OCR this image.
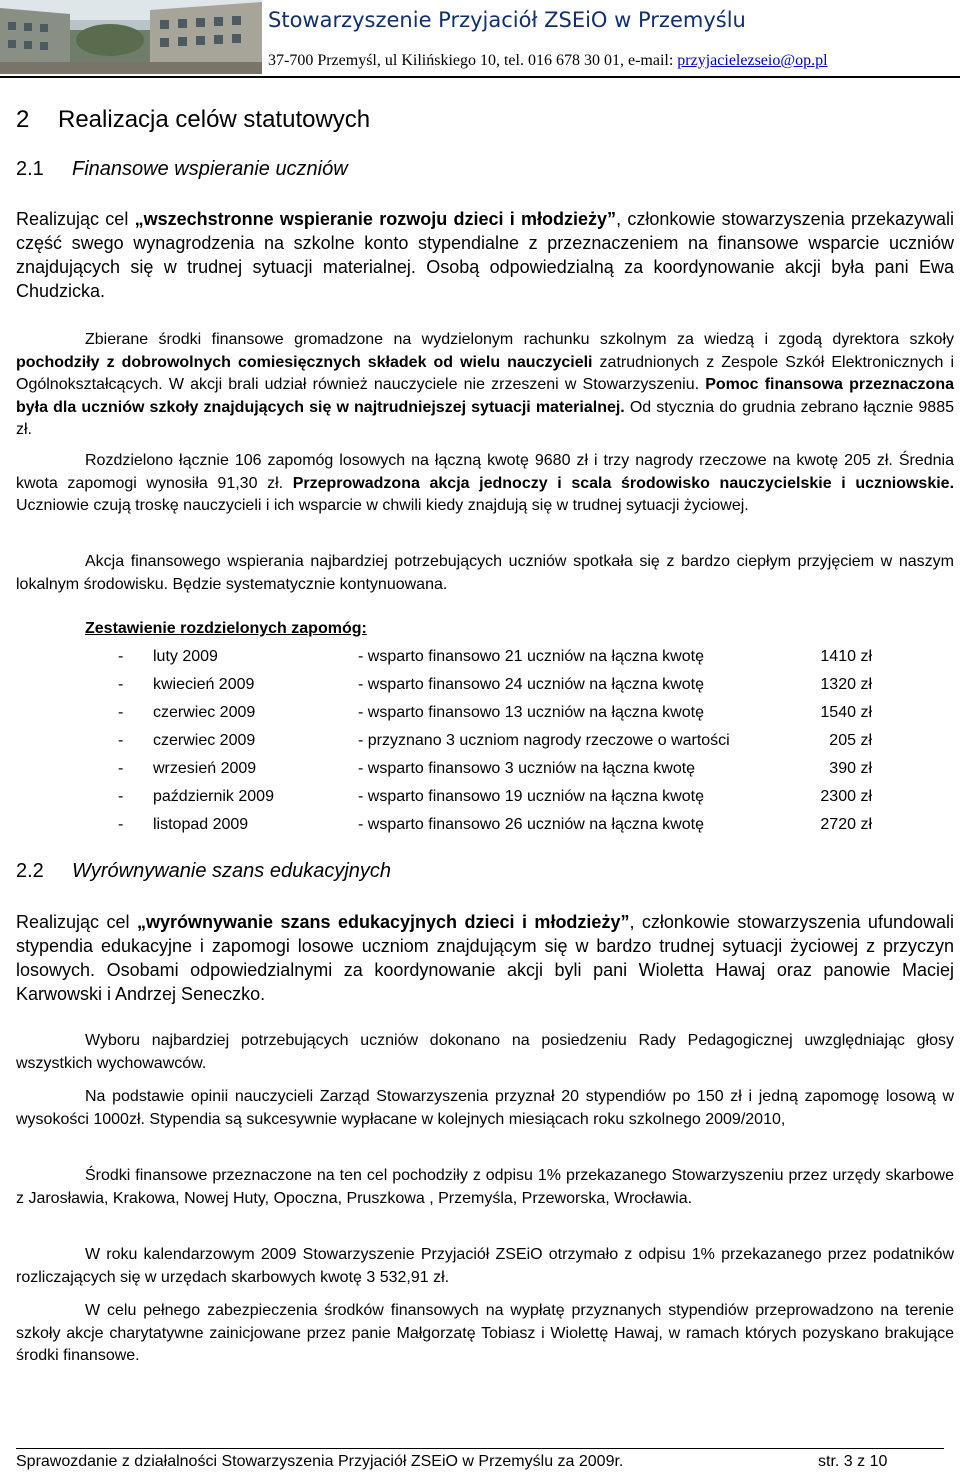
Stowarzyszenie Przyjaciół ZSEiO w Przemyślu
37-700 Przemyśl, ul Kilińskiego 10, tel. 016 678 30 01, e-mail: przyjacielezseio@op.pl
2 Realizacja celów statutowych
2.1 Finansowe wspieranie uczniów

Realizując cel „wszechstronne wspieranie rozwoju dzieci i młodzieży”, członkowie stowarzyszenia przekazywali część swego wynagrodzenia na szkolne konto stypendialne z przeznaczeniem na finansowe wsparcie uczniów znajdujących się w trudnej sytuacji materialnej. Osobą odpowiedzialną za koordynowanie akcji była pani Ewa Chudzicka.

Zbierane środki finansowe gromadzone na wydzielonym rachunku szkolnym za wiedzą i zgodą dyrektora szkoły pochodziły z dobrowolnych comiesięcznych składek od wielu nauczycieli zatrudnionych z Zespole Szkół Elektronicznych i Ogólnokształcących. W akcji brali udział również nauczyciele nie zrzeszeni w Stowarzyszeniu. Pomoc finansowa przeznaczona była dla uczniów szkoły znajdujących się w najtrudniejszej sytuacji materialnej. Od stycznia do grudnia zebrano łącznie 9885 zł.

Rozdzielono łącznie 106 zapomóg losowych na łączną kwotę 9680 zł i trzy nagrody rzeczowe na kwotę 205 zł. Średnia kwota zapomogi wynosiła 91,30 zł. Przeprowadzona akcja jednoczy i scala środowisko nauczycielskie i uczniowskie. Uczniowie czują troskę nauczycieli i ich wsparcie w chwili kiedy znajdują się w trudnej sytuacji życiowej.

Akcja finansowego wspierania najbardziej potrzebujących uczniów spotkała się z bardzo ciepłym przyjęciem w naszym lokalnym środowisku. Będzie systematycznie kontynuowana.

Zestawienie rozdzielonych zapomóg:
- luty 2009	- wsparto finansowo 21 uczniów na łączna kwotę	1410 zł
- kwiecień 2009	- wsparto finansowo 24 uczniów na łączna kwotę	1320 zł
- czerwiec 2009	- wsparto finansowo 13 uczniów na łączna kwotę	1540 zł
- czerwiec 2009	- przyznano 3 uczniom nagrody rzeczowe o wartości	205 zł
- wrzesień 2009	- wsparto finansowo 3 uczniów na łączna kwotę	390 zł
- październik 2009	- wsparto finansowo 19 uczniów na łączna kwotę	2300 zł
- listopad 2009	- wsparto finansowo 26 uczniów na łączna kwotę	2720 zł
2.2 Wyrównywanie szans edukacyjnych

Realizując cel „wyrównywanie szans edukacyjnych dzieci i młodzieży”, członkowie stowarzyszenia ufundowali stypendia edukacyjne i zapomogi losowe uczniom znajdującym się w bardzo trudnej sytuacji życiowej z przyczyn losowych. Osobami odpowiedzialnymi za koordynowanie akcji byli pani Wioletta Hawaj oraz panowie Maciej Karwowski i Andrzej Seneczko.

Wyboru najbardziej potrzebujących uczniów dokonano na posiedzeniu Rady Pedagogicznej uwzględniając głosy wszystkich wychowawców.

Na podstawie opinii nauczycieli Zarząd Stowarzyszenia przyznał 20 stypendiów po 150 zł i jedną zapomogę losową w wysokości 1000zł. Stypendia są sukcesywnie wypłacane w kolejnych miesiącach roku szkolnego 2009/2010,

Środki finansowe przeznaczone na ten cel pochodziły z odpisu 1% przekazanego Stowarzyszeniu przez urzędy skarbowe z Jarosławia, Krakowa, Nowej Huty, Opoczna, Pruszkowa , Przemyśla, Przeworska, Wrocławia.

W roku kalendarzowym 2009 Stowarzyszenie Przyjaciół ZSEiO otrzymało z odpisu 1% przekazanego przez podatników rozliczających się w urzędach skarbowych kwotę 3 532,91 zł.

W celu pełnego zabezpieczenia środków finansowych na wypłatę przyznanych stypendiów przeprowadzono na terenie szkoły akcje charytatywne zainicjowane przez panie Małgorzatę Tobiasz i Wiolettę Hawaj, w ramach których pozyskano brakujące środki finansowe.

Sprawozdanie z działalności Stowarzyszenia Przyjaciół ZSEiO w Przemyślu za 2009r.	str. 3 z 10
